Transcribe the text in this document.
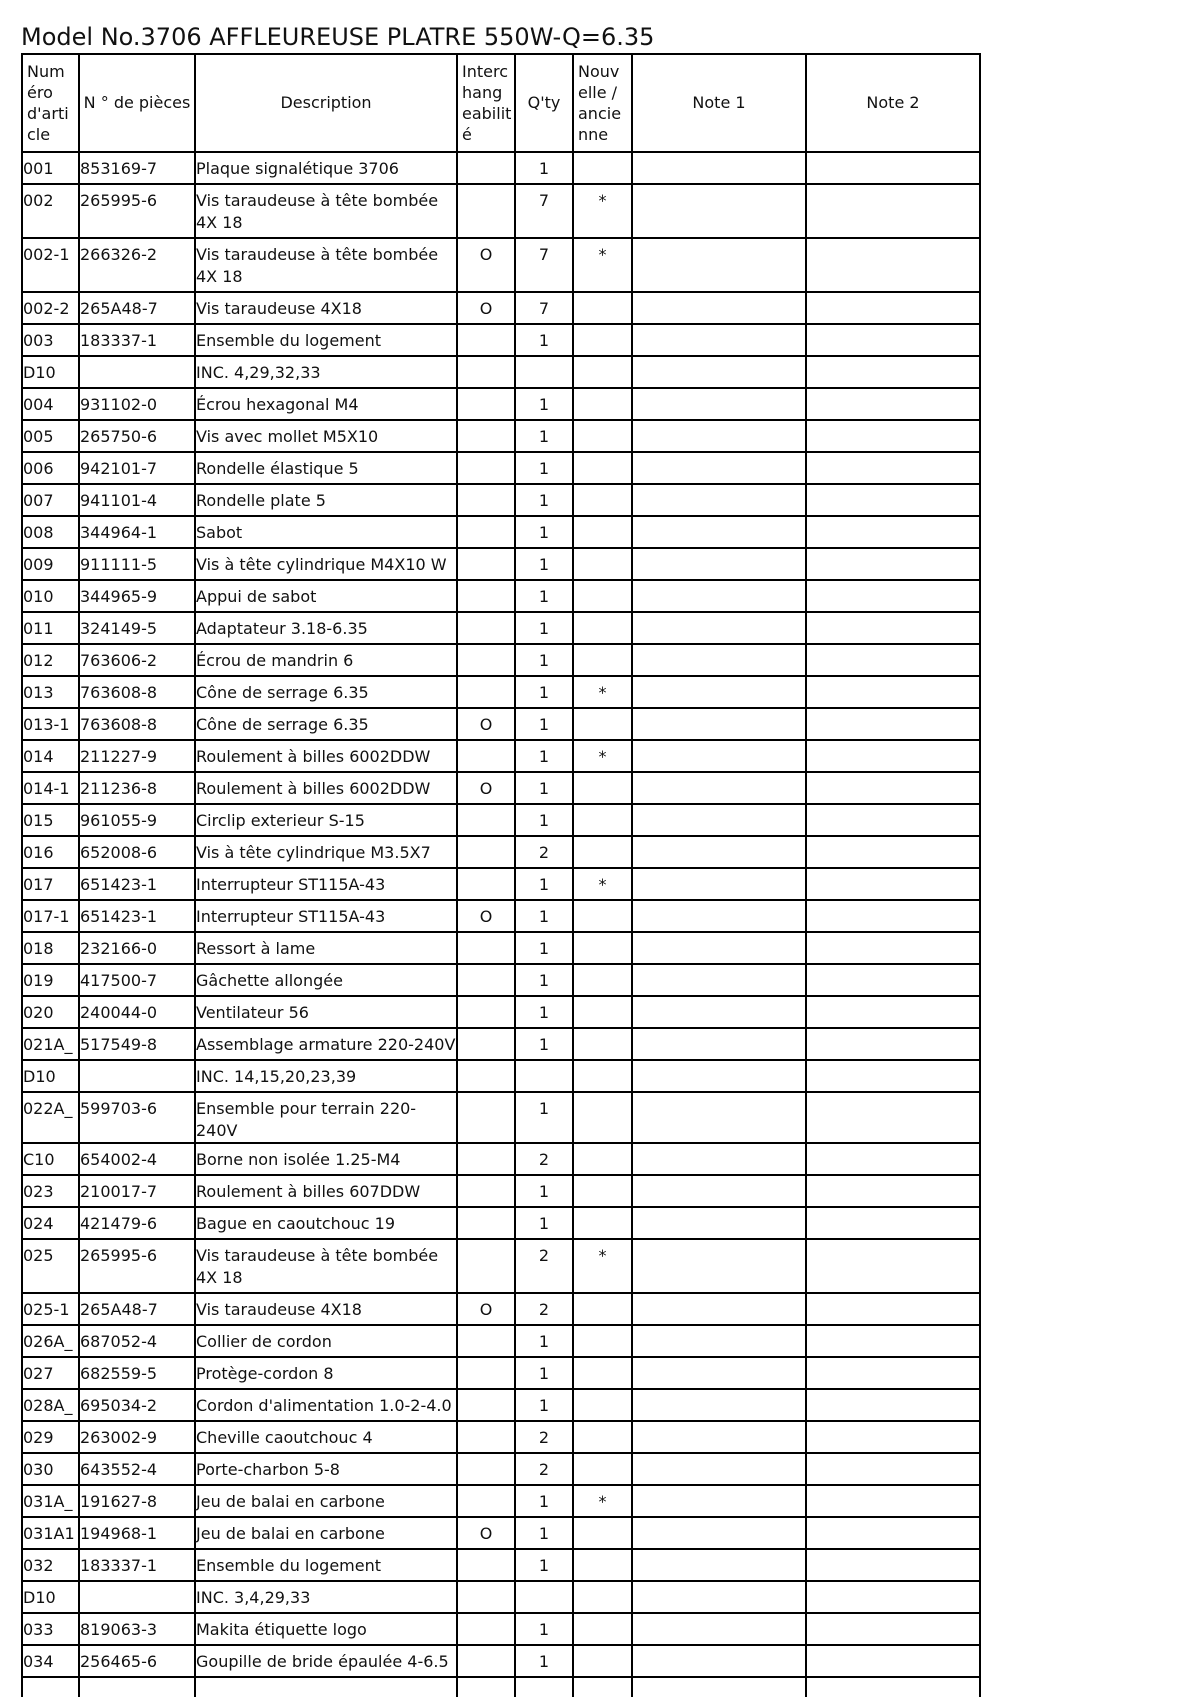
Model No.3706 AFFLEUREUSE PLATRE 550W-Q=6.35
Numéro d'article	N ° de pièces	Description	Interchangeabilité	Q'ty	Nouvelle / ancienne	Note 1	Note 2
001	853169-7	Plaque signalétique 3706		1			
002	265995-6	Vis taraudeuse à tête bombée 4X 18		7	*		
002-1	266326-2	Vis taraudeuse à tête bombée 4X 18	O	7	*		
002-2	265A48-7	Vis taraudeuse 4X18	O	7			
003	183337-1	Ensemble du logement		1			
D10		INC. 4,29,32,33					
004	931102-0	Écrou hexagonal M4		1			
005	265750-6	Vis avec mollet M5X10		1			
006	942101-7	Rondelle élastique 5		1			
007	941101-4	Rondelle plate 5		1			
008	344964-1	Sabot		1			
009	911111-5	Vis à tête cylindrique M4X10 W		1			
010	344965-9	Appui de sabot		1			
011	324149-5	Adaptateur 3.18-6.35		1			
012	763606-2	Écrou de mandrin 6		1			
013	763608-8	Cône de serrage 6.35		1	*		
013-1	763608-8	Cône de serrage 6.35	O	1			
014	211227-9	Roulement à billes 6002DDW		1	*		
014-1	211236-8	Roulement à billes 6002DDW	O	1			
015	961055-9	Circlip exterieur S-15		1			
016	652008-6	Vis à tête cylindrique M3.5X7		2			
017	651423-1	Interrupteur ST115A-43		1	*		
017-1	651423-1	Interrupteur ST115A-43	O	1			
018	232166-0	Ressort à lame		1			
019	417500-7	Gâchette allongée		1			
020	240044-0	Ventilateur 56		1			
021A_	517549-8	Assemblage armature 220-240V		1			
D10		INC. 14,15,20,23,39					
022A_	599703-6	Ensemble pour terrain 220-240V		1			
C10	654002-4	Borne non isolée 1.25-M4		2			
023	210017-7	Roulement à billes 607DDW		1			
024	421479-6	Bague en caoutchouc 19		1			
025	265995-6	Vis taraudeuse à tête bombée 4X 18		2	*		
025-1	265A48-7	Vis taraudeuse 4X18	O	2			
026A_	687052-4	Collier de cordon		1			
027	682559-5	Protège-cordon 8		1			
028A_	695034-2	Cordon d'alimentation 1.0-2-4.0		1			
029	263002-9	Cheville caoutchouc 4		2			
030	643552-4	Porte-charbon 5-8		2			
031A_	191627-8	Jeu de balai en carbone		1	*		
031A1	194968-1	Jeu de balai en carbone	O	1			
032	183337-1	Ensemble du logement		1			
D10		INC. 3,4,29,33					
033	819063-3	Makita étiquette logo		1			
034	256465-6	Goupille de bride épaulée 4-6.5		1			
